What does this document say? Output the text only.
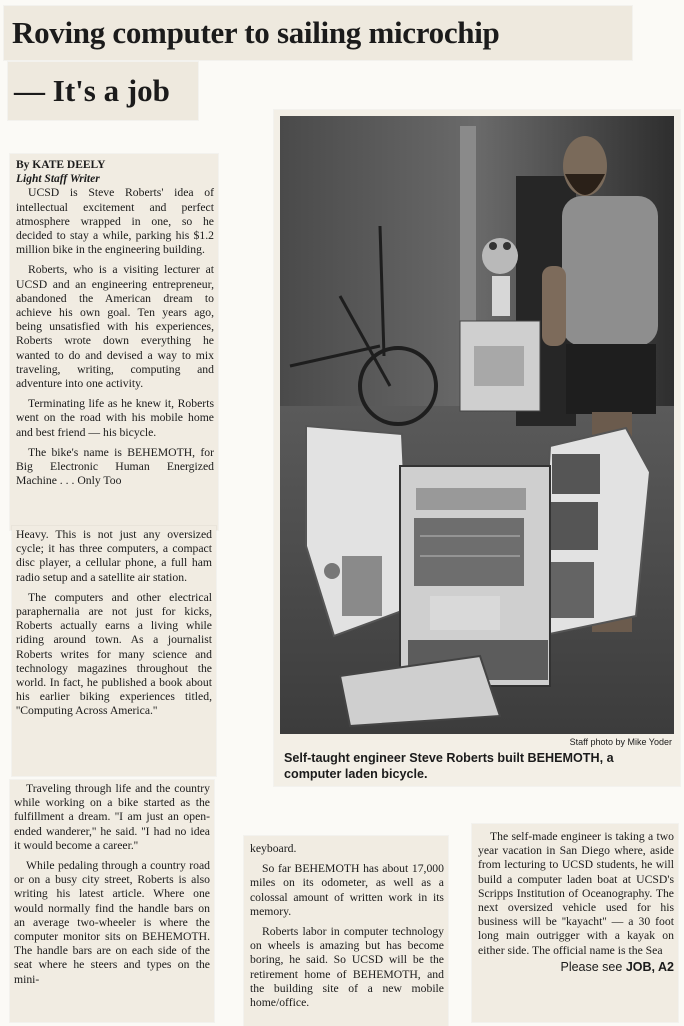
Roving computer to sailing microchip
— It's a job
By KATE DEELY
Light Staff Writer

UCSD is Steve Roberts' idea of intellectual excitement and perfect atmosphere wrapped in one, so he decided to stay a while, parking his $1.2 million bike in the engineering building.

Roberts, who is a visiting lecturer at UCSD and an engineering entrepreneur, abandoned the American dream to achieve his own goal. Ten years ago, being unsatisfied with his experiences, Roberts wrote down everything he wanted to do and devised a way to mix traveling, writing, computing and adventure into one activity.

Terminating life as he knew it, Roberts went on the road with his mobile home and best friend — his bicycle.

The bike's name is BEHEMOTH, for Big Electronic Human Energized Machine . . . Only Too

Heavy. This is not just any oversized cycle; it has three computers, a compact disc player, a cellular phone, a full ham radio setup and a satellite air station.

The computers and other electrical paraphernalia are not just for kicks, Roberts actually earns a living while riding around town. As a journalist Roberts writes for many science and technology magazines throughout the world. In fact, he published a book about his earlier biking experiences titled, ''Computing Across America.''

Traveling through life and the country while working on a bike started as the fulfillment a dream. ''I am just an open-ended wanderer,'' he said. ''I had no idea it would become a career.''

While pedaling through a country road or on a busy city street, Roberts is also writing his latest article. Where one would normally find the handle bars on an average two-wheeler is where the computer monitor sits on BEHEMOTH. The handle bars are on each side of the seat where he steers and types on the mini-

keyboard.

So far BEHEMOTH has about 17,000 miles on its odometer, as well as a colossal amount of written work in its memory.

Roberts labor in computer technology on wheels is amazing but has become boring, he said. So UCSD will be the retirement home of BEHEMOTH, and the building site of a new mobile home/office.

The self-made engineer is taking a two year vacation in San Diego where, aside from lecturing to UCSD students, he will build a computer laden boat at UCSD's Scripps Institution of Oceanography. The next oversized vehicle used for his business will be ''kayacht'' — a 30 foot long main outrigger with a kayak on either side. The official name is the Sea

Please see JOB, A2
Staff photo by Mike Yoder
Self-taught engineer Steve Roberts built BEHEMOTH, a computer laden bicycle.
